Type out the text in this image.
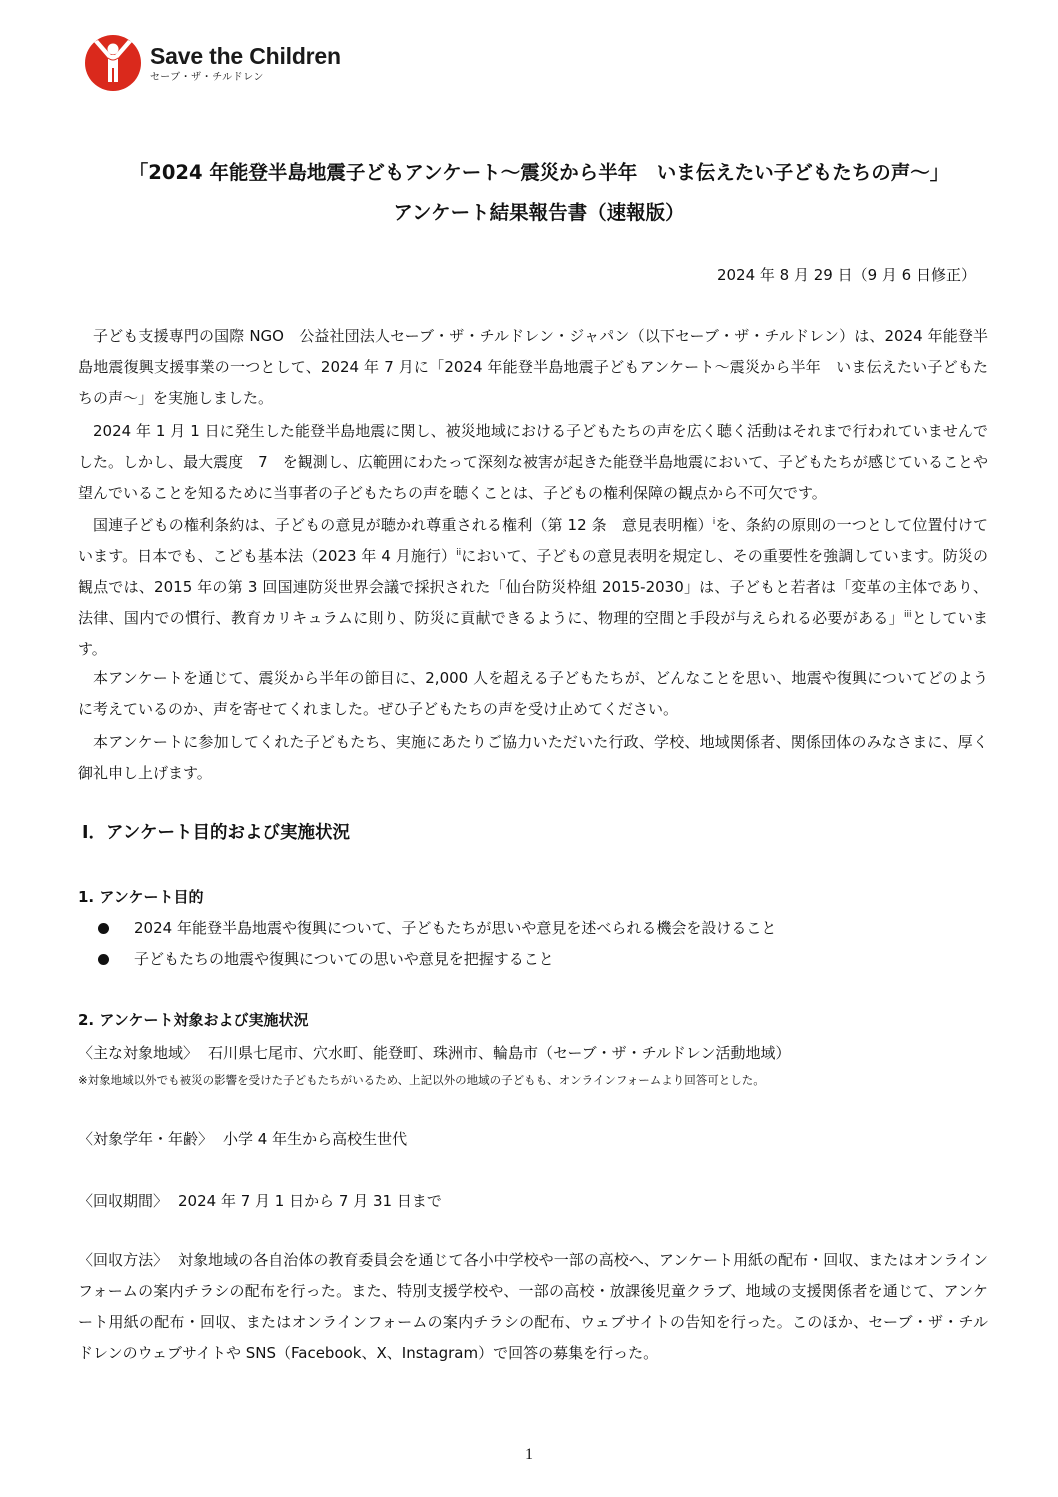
Save the Children
セーブ・ザ・チルドレン
「2024 年能登半島地震子どもアンケート～震災から半年　いま伝えたい子どもたちの声～」
アンケート結果報告書（速報版）
2024 年 8 月 29 日（9 月 6 日修正）

子ども支援専門の国際 NGO　公益社団法人セーブ・ザ・チルドレン・ジャパン（以下セーブ・ザ・チルドレン）は、2024 年能登半島地震復興支援事業の一つとして、2024 年 7 月に「2024 年能登半島地震子どもアンケート～震災から半年　いま伝えたい子どもたちの声～」を実施しました。

2024 年 1 月 1 日に発生した能登半島地震に関し、被災地域における子どもたちの声を広く聴く活動はそれまで行われていませんでした。しかし、最大震度　7　を観測し、広範囲にわたって深刻な被害が起きた能登半島地震において、子どもたちが感じていることや望んでいることを知るために当事者の子どもたちの声を聴くことは、子どもの権利保障の観点から不可欠です。

国連子どもの権利条約は、子どもの意見が聴かれ尊重される権利（第 12 条　意見表明権）$^i$を、条約の原則の一つとして位置付けています。日本でも、こども基本法（2023 年 4 月施行）$^{ii}$において、子どもの意見表明を規定し、その重要性を強調しています。防災の観点では、2015 年の第 3 回国連防災世界会議で採択された「仙台防災枠組 2015-2030」は、子どもと若者は「変革の主体であり、法律、国内での慣行、教育カリキュラムに則り、防災に貢献できるように、物理的空間と手段が与えられる必要がある」$^{iii}$としています。

本アンケートを通じて、震災から半年の節目に、2,000 人を超える子どもたちが、どんなことを思い、地震や復興についてどのように考えているのか、声を寄せてくれました。ぜひ子どもたちの声を受け止めてください。

本アンケートに参加してくれた子どもたち、実施にあたりご協力いただいた行政、学校、地域関係者、関係団体のみなさまに、厚く御礼申し上げます。

Ⅰ．アンケート目的および実施状況
1. アンケート目的
2024 年能登半島地震や復興について、子どもたちが思いや意見を述べられる機会を設けること
子どもたちの地震や復興についての思いや意見を把握すること
2. アンケート対象および実施状況
〈主な対象地域〉 石川県七尾市、穴水町、能登町、珠洲市、輪島市（セーブ・ザ・チルドレン活動地域）
※対象地域以外でも被災の影響を受けた子どもたちがいるため、上記以外の地域の子どもも、オンラインフォームより回答可とした。
〈対象学年・年齢〉 小学 4 年生から高校生世代
〈回収期間〉 2024 年 7 月 1 日から 7 月 31 日まで

〈回収方法〉 対象地域の各自治体の教育委員会を通じて各小中学校や一部の高校へ、アンケート用紙の配布・回収、またはオンラインフォームの案内チラシの配布を行った。また、特別支援学校や、一部の高校・放課後児童クラブ、地域の支援関係者を通じて、アンケート用紙の配布・回収、またはオンラインフォームの案内チラシの配布、ウェブサイトの告知を行った。このほか、セーブ・ザ・チルドレンのウェブサイトや SNS（Facebook、X、Instagram）で回答の募集を行った。

1
